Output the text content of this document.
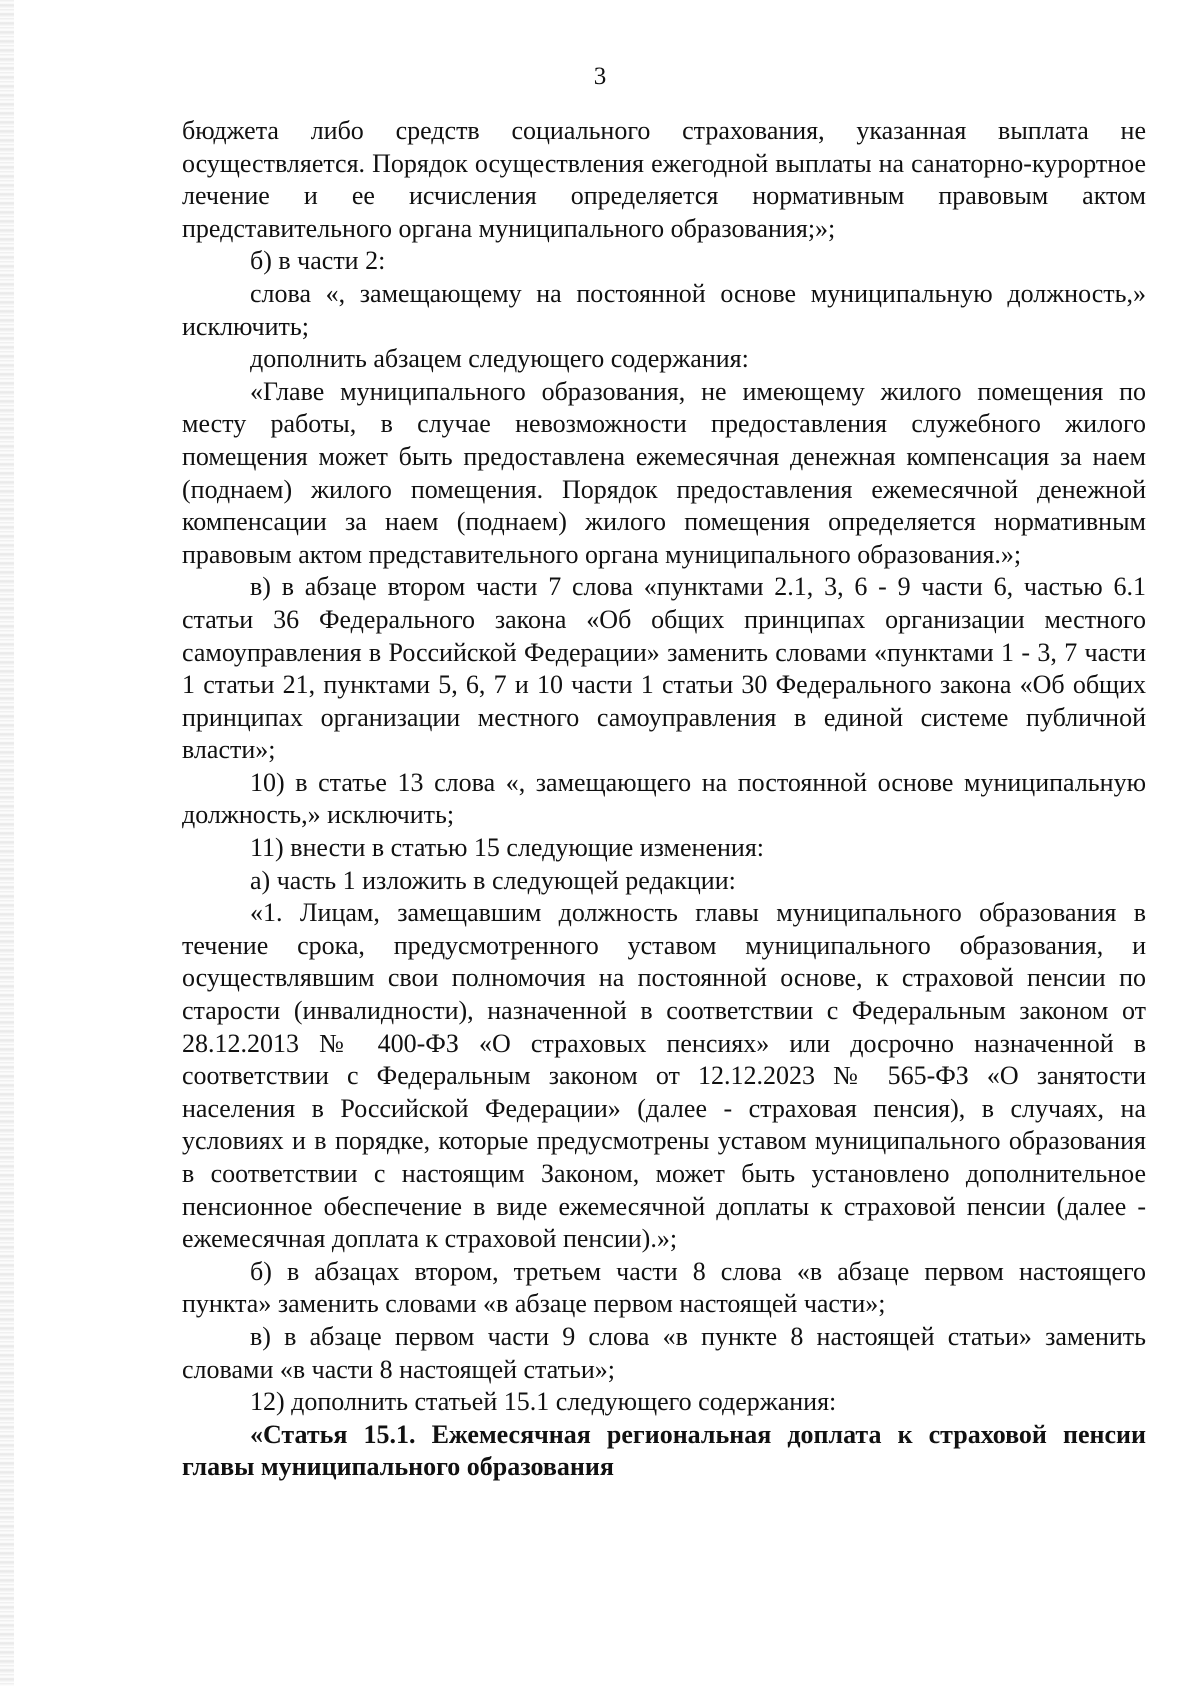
3

бюджета либо средств социального страхования, указанная выплата не осуществляется. Порядок осуществления ежегодной выплаты на санаторно-курортное лечение и ее исчисления определяется нормативным правовым актом представительного органа муниципального образования;»;

б) в части 2:

слова «, замещающему на постоянной основе муниципальную должность,» исключить;

дополнить абзацем следующего содержания:

«Главе муниципального образования, не имеющему жилого помещения по месту работы, в случае невозможности предоставления служебного жилого помещения может быть предоставлена ежемесячная денежная компенсация за наем (поднаем) жилого помещения. Порядок предоставления ежемесячной денежной компенсации за наем (поднаем) жилого помещения определяется нормативным правовым актом представительного органа муниципального образования.»;

в) в абзаце втором части 7 слова «пунктами 2.1, 3, 6 - 9 части 6, частью 6.1 статьи 36 Федерального закона «Об общих принципах организации местного самоуправления в Российской Федерации» заменить словами «пунктами 1 - 3, 7 части 1 статьи 21, пунктами 5, 6, 7 и 10 части 1 статьи 30 Федерального закона «Об общих принципах организации местного самоуправления в единой системе публичной власти»;

10) в статье 13 слова «, замещающего на постоянной основе муниципальную должность,» исключить;

11) внести в статью 15 следующие изменения:

а) часть 1 изложить в следующей редакции:

«1. Лицам, замещавшим должность главы муниципального образования в течение срока, предусмотренного уставом муниципального образования, и осуществлявшим свои полномочия на постоянной основе, к страховой пенсии по старости (инвалидности), назначенной в соответствии с Федеральным законом от 28.12.2013 № 400-ФЗ «О страховых пенсиях» или досрочно назначенной в соответствии с Федеральным законом от 12.12.2023 № 565-ФЗ «О занятости населения в Российской Федерации» (далее - страховая пенсия), в случаях, на условиях и в порядке, которые предусмотрены уставом муниципального образования в соответствии с настоящим Законом, может быть установлено дополнительное пенсионное обеспечение в виде ежемесячной доплаты к страховой пенсии (далее - ежемесячная доплата к страховой пенсии).»;

б) в абзацах втором, третьем части 8 слова «в абзаце первом настоящего пункта» заменить словами «в абзаце первом настоящей части»;

в) в абзаце первом части 9 слова «в пункте 8 настоящей статьи» заменить словами «в части 8 настоящей статьи»;

12) дополнить статьей 15.1 следующего содержания:

«Статья 15.1. Ежемесячная региональная доплата к страховой пенсии главы муниципального образования
